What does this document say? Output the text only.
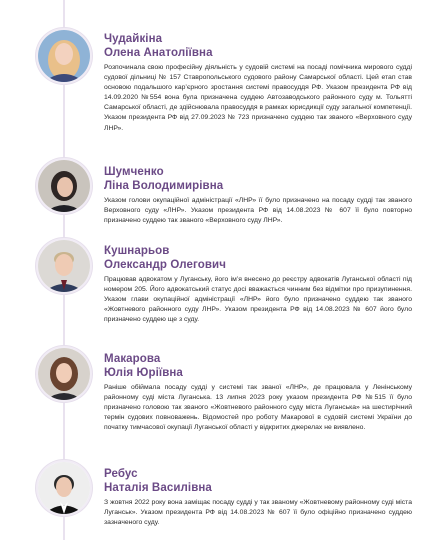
Чудайкіна
Олена Анатоліївна

Розпочинала свою професійну діяльність у судовій системі на посаді помічника мирового судді судової дільниці № 157 Ставропольського судового району Самарської області. Цей етап став основою подальшого кар’єрного зростання системі правосуддя РФ. Указом президента РФ від 14.09.2020 №554 вона була призначена суддею Автозаводського районного суду м. Тольятті Самарської області, де здійснювала правосуддя в рамках юрисдикції суду загальної компетенції. Указом президента РФ від 27.09.2023 № 723 призначено суддею так званого «Верховного суду ЛНР».

Шумченко
Ліна Володимирівна

Указом голови окупаційної адміністрації «ЛНР» її було призначено на посаду судді так званого Верховного суду «ЛНР». Указом президента РФ від 14.08.2023 № 607 її було повторно призначено суддею так званого «Верховного суду ЛНР».

Кушнарьов
Олександр Олегович

Працював адвокатом у Луганську, його ім’я внесено до реєстру адвокатів Луганської області під номером 205. Його адвокатський статус досі вважається чинним без відмітки про призупинення. Указом глави окупаційної адміністрації «ЛНР» його було призначено суддею так званого «Жовтневого районного суду ЛНР». Указом президента РФ від 14.08.2023 № 607 його було призначено суддею ще з суду.

Макарова
Юлія Юріївна

Раніше обіймала посаду судді у системі так званої «ЛНР», де працювала у Ленінському районному суді міста Луганська. 13 липня 2023 року указом президента РФ №515 її було призначено головою так званого «Жовтневого районного суду міста Луганська» на шестирічний термін судових повноважень. Відомостей про роботу Макарової в судовій системі України до початку тимчасової окупації Луганської області у відкритих джерелах не виявлено.

Ребус
Наталія Василівна

З жовтня 2022 року вона заміщає посаду судді у так званому «Жовтневому районному суді міста Луганськ». Указом президента РФ від 14.08.2023 № 607 її було офіційно призначено суддею зазначеного суду.
